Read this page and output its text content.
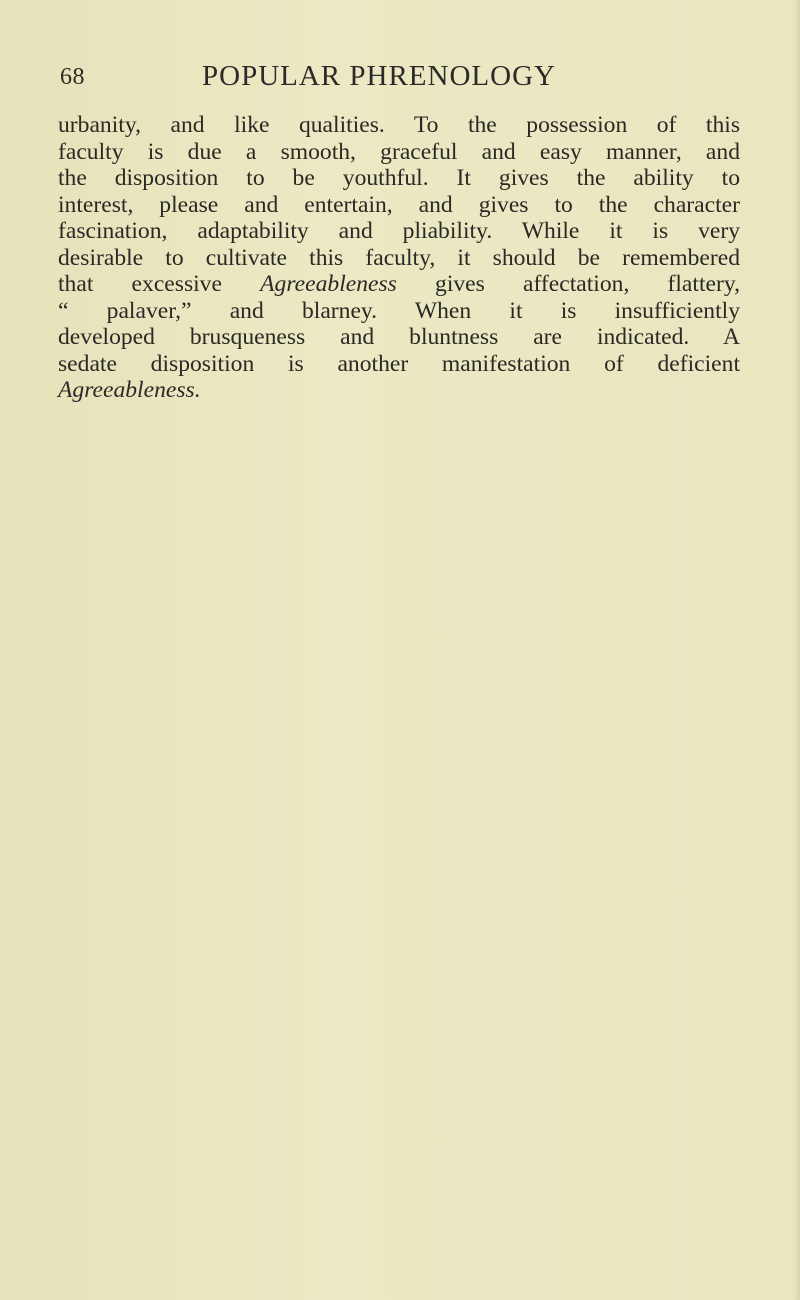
68	POPULAR PHRENOLOGY
urbanity, and like qualities. To the possession of this
faculty is due a smooth, graceful and easy manner, and
the disposition to be youthful. It gives the ability to
interest, please and entertain, and gives to the character
fascination, adaptability and pliability. While it is very
desirable to cultivate this faculty, it should be remembered
that excessive Agreeableness gives affectation, flattery,
“ palaver,” and blarney. When it is insufficiently
developed brusqueness and bluntness are indicated. A
sedate disposition is another manifestation of deficient
Agreeableness.
